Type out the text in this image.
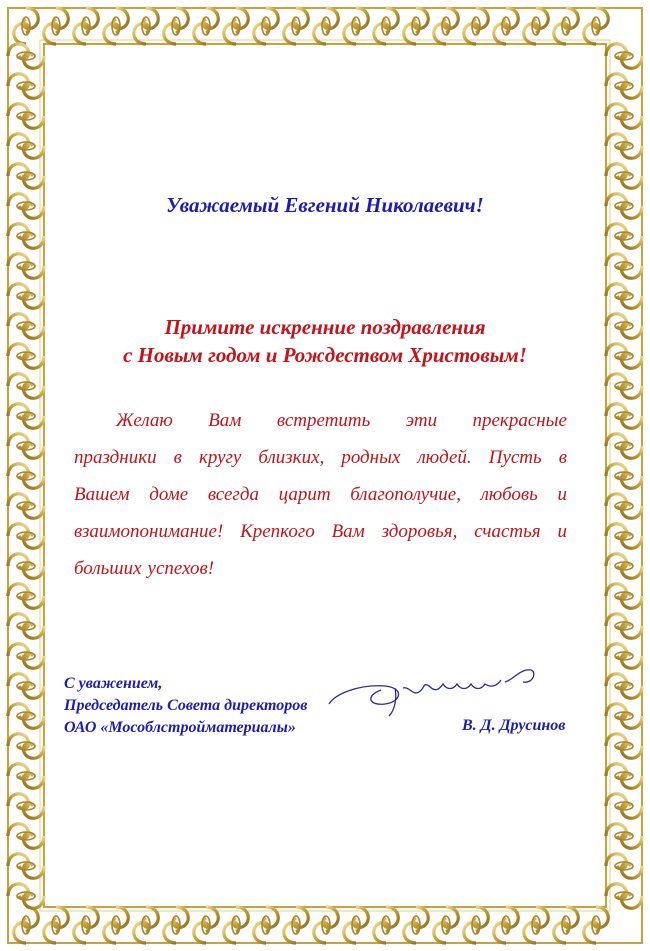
Уважаемый Евгений Николаевич!
Примите искренние поздравления
с Новым годом и Рождеством Христовым!
Желаю Вам встретить эти прекрасные
праздники в кругу близких, родных людей. Пусть в
Вашем доме всегда царит благополучие, любовь и
взаимопонимание! Крепкого Вам здоровья, счастья и
больших успехов!
С уважением,
Председатель Совета директоров
ОАО «Мособлстройматериалы»	В. Д. Друсинов
